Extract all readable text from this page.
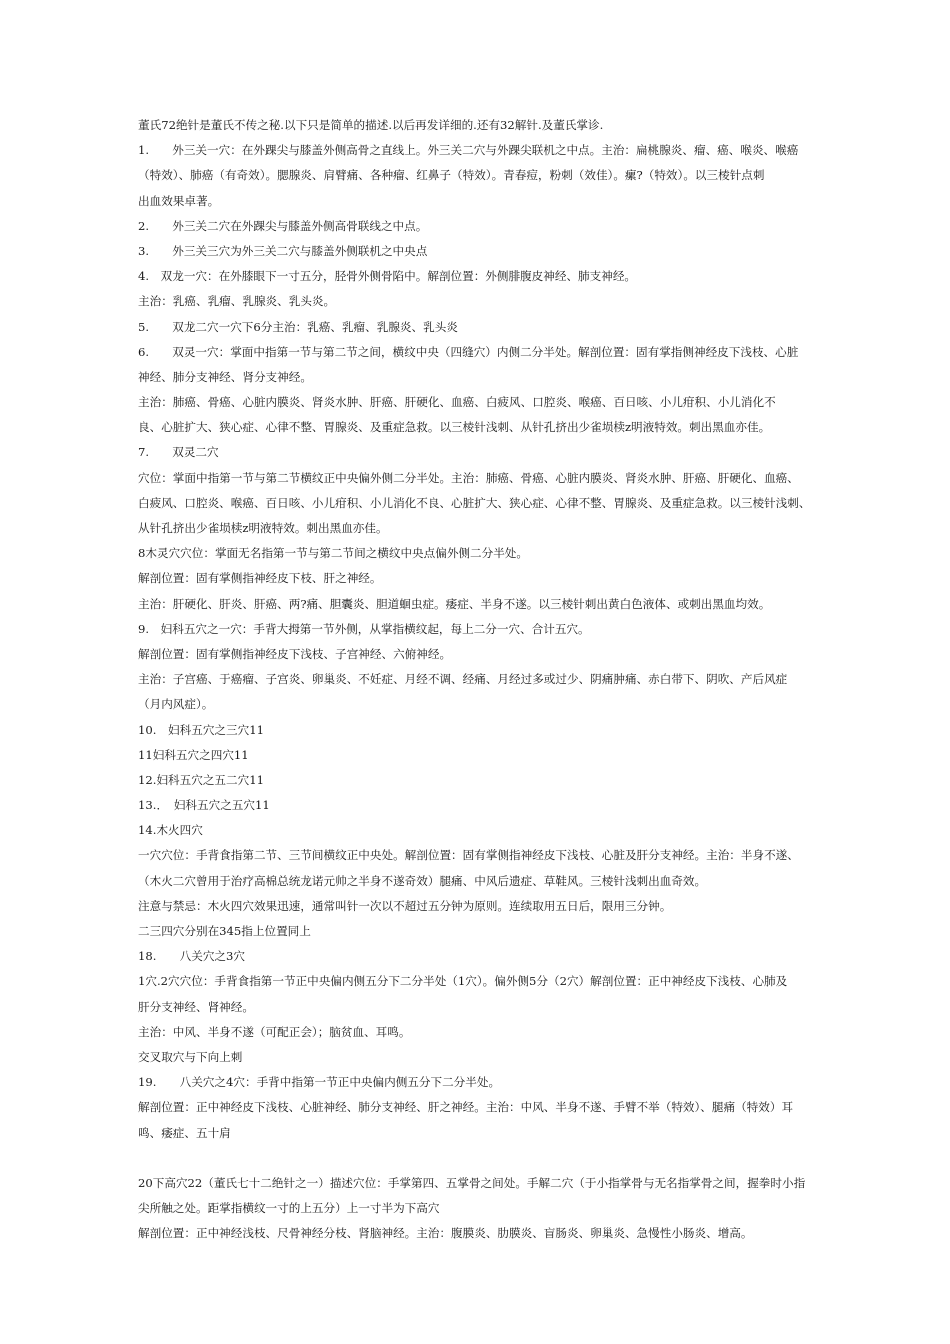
董氏72绝针是董氏不传之秘.以下只是简单的描述.以后再发详细的.还有32解针.及董氏掌诊.
1.　　外三关一穴：在外踝尖与膝盖外侧高骨之直线上。外三关二穴与外踝尖联机之中点。主治：扁桃腺炎、瘤、癌、喉炎、喉癌
（特效）、肺癌（有奇效）。腮腺炎、肩臂痛、各种瘤、红鼻子（特效）。青春痘，粉刺（效佳）。瘰?（特效）。以三棱针点刺
出血效果卓著。
2.　　外三关二穴在外踝尖与膝盖外侧高骨联线之中点。
3.　　外三关三穴为外三关二穴与膝盖外侧联机之中央点
4.　双龙一穴：在外膝眼下一寸五分，胫骨外侧骨陷中。解剖位置：外侧腓腹皮神经、肺支神经。
主治：乳癌、乳瘤、乳腺炎、乳头炎。
5.　　双龙二穴一穴下6分主治：乳癌、乳瘤、乳腺炎、乳头炎
6.　　双灵一穴：掌面中指第一节与第二节之间，横纹中央（四缝穴）内侧二分半处。解剖位置：固有掌指侧神经皮下浅枝、心脏
神经、肺分支神经、肾分支神经。
主治：肺癌、骨癌、心脏内膜炎、肾炎水肿、肝癌、肝硬化、血癌、白疲风、口腔炎、喉癌、百日咳、小儿疳积、小儿消化不
良、心脏扩大、狭心症、心律不整、胃腺炎、及重症急救。以三棱针浅刺、从针孔挤出少雀埙椟z明液特效。刺出黑血亦佳。
7.　　双灵二穴
穴位：掌面中指第一节与第二节横纹正中央偏外侧二分半处。主治：肺癌、骨癌、心脏内膜炎、肾炎水肿、肝癌、肝硬化、血癌、
白疲风、口腔炎、喉癌、百日咳、小儿疳积、小儿消化不良、心脏扩大、狭心症、心律不整、胃腺炎、及重症急救。以三棱针浅刺、
从针孔挤出少雀埙椟z明液特效。刺出黑血亦佳。
8木灵穴穴位：掌面无名指第一节与第二节间之横纹中央点偏外侧二分半处。
解剖位置：固有掌侧指神经皮下枝、肝之神经。
主治：肝硬化、肝炎、肝癌、两?痛、胆囊炎、胆道蛔虫症。痿症、半身不遂。以三棱针刺出黄白色液体、或刺出黑血均效。
9.　妇科五穴之一穴：手背大拇第一节外侧，从掌指横纹起，每上二分一穴、合计五穴。
解剖位置：固有掌侧指神经皮下浅枝、子宫神经、六俯神经。
主治：子宫癌、于癌瘤、子宫炎、卵巢炎、不妊症、月经不调、经痛、月经过多或过少、阴痛肿痛、赤白带下、阴吹、产后风症
（月内风症）。
10.　妇科五穴之三穴11
11妇科五穴之四穴11
12.妇科五穴之五二穴11
13.．　妇科五穴之五穴11
14.木火四穴
一穴穴位：手背食指第二节、三节间横纹正中央处。解剖位置：固有掌侧指神经皮下浅枝、心脏及肝分支神经。主治：半身不遂、
（木火二穴曾用于治疗高棉总统龙诺元帅之半身不遂奇效）腿痛、中风后遗症、草鞋风。三棱针浅刺出血奇效。
注意与禁忌：木火四穴效果迅速，通常叫针一次以不超过五分钟为原则。连续取用五日后，限用三分钟。
二三四穴分别在345指上位置同上
18.　　八关穴之3穴
1穴.2穴穴位：手背食指第一节正中央偏内侧五分下二分半处（1穴）。偏外侧5分（2穴）解剖位置：正中神经皮下浅枝、心肺及
肝分支神经、肾神经。
主治：中风、半身不遂（可配正会）；脑贫血、耳鸣。
交叉取穴与下向上刺
19.　　八关穴之4穴：手背中指第一节正中央偏内侧五分下二分半处。
解剖位置：正中神经皮下浅枝、心脏神经、肺分支神经、肝之神经。主治：中风、半身不遂、手臂不举（特效）、腿痛（特效）耳
鸣、痿症、五十肩
20下高穴22（董氏七十二绝针之一）描述穴位：手掌第四、五掌骨之间处。手解二穴（于小指掌骨与无名指掌骨之间，握拳时小指
尖所触之处。距掌指横纹一寸的上五分）上一寸半为下高穴
解剖位置：正中神经浅枝、尺骨神经分枝、肾脑神经。主治：腹膜炎、肋膜炎、盲肠炎、卵巢炎、急慢性小肠炎、增高。
